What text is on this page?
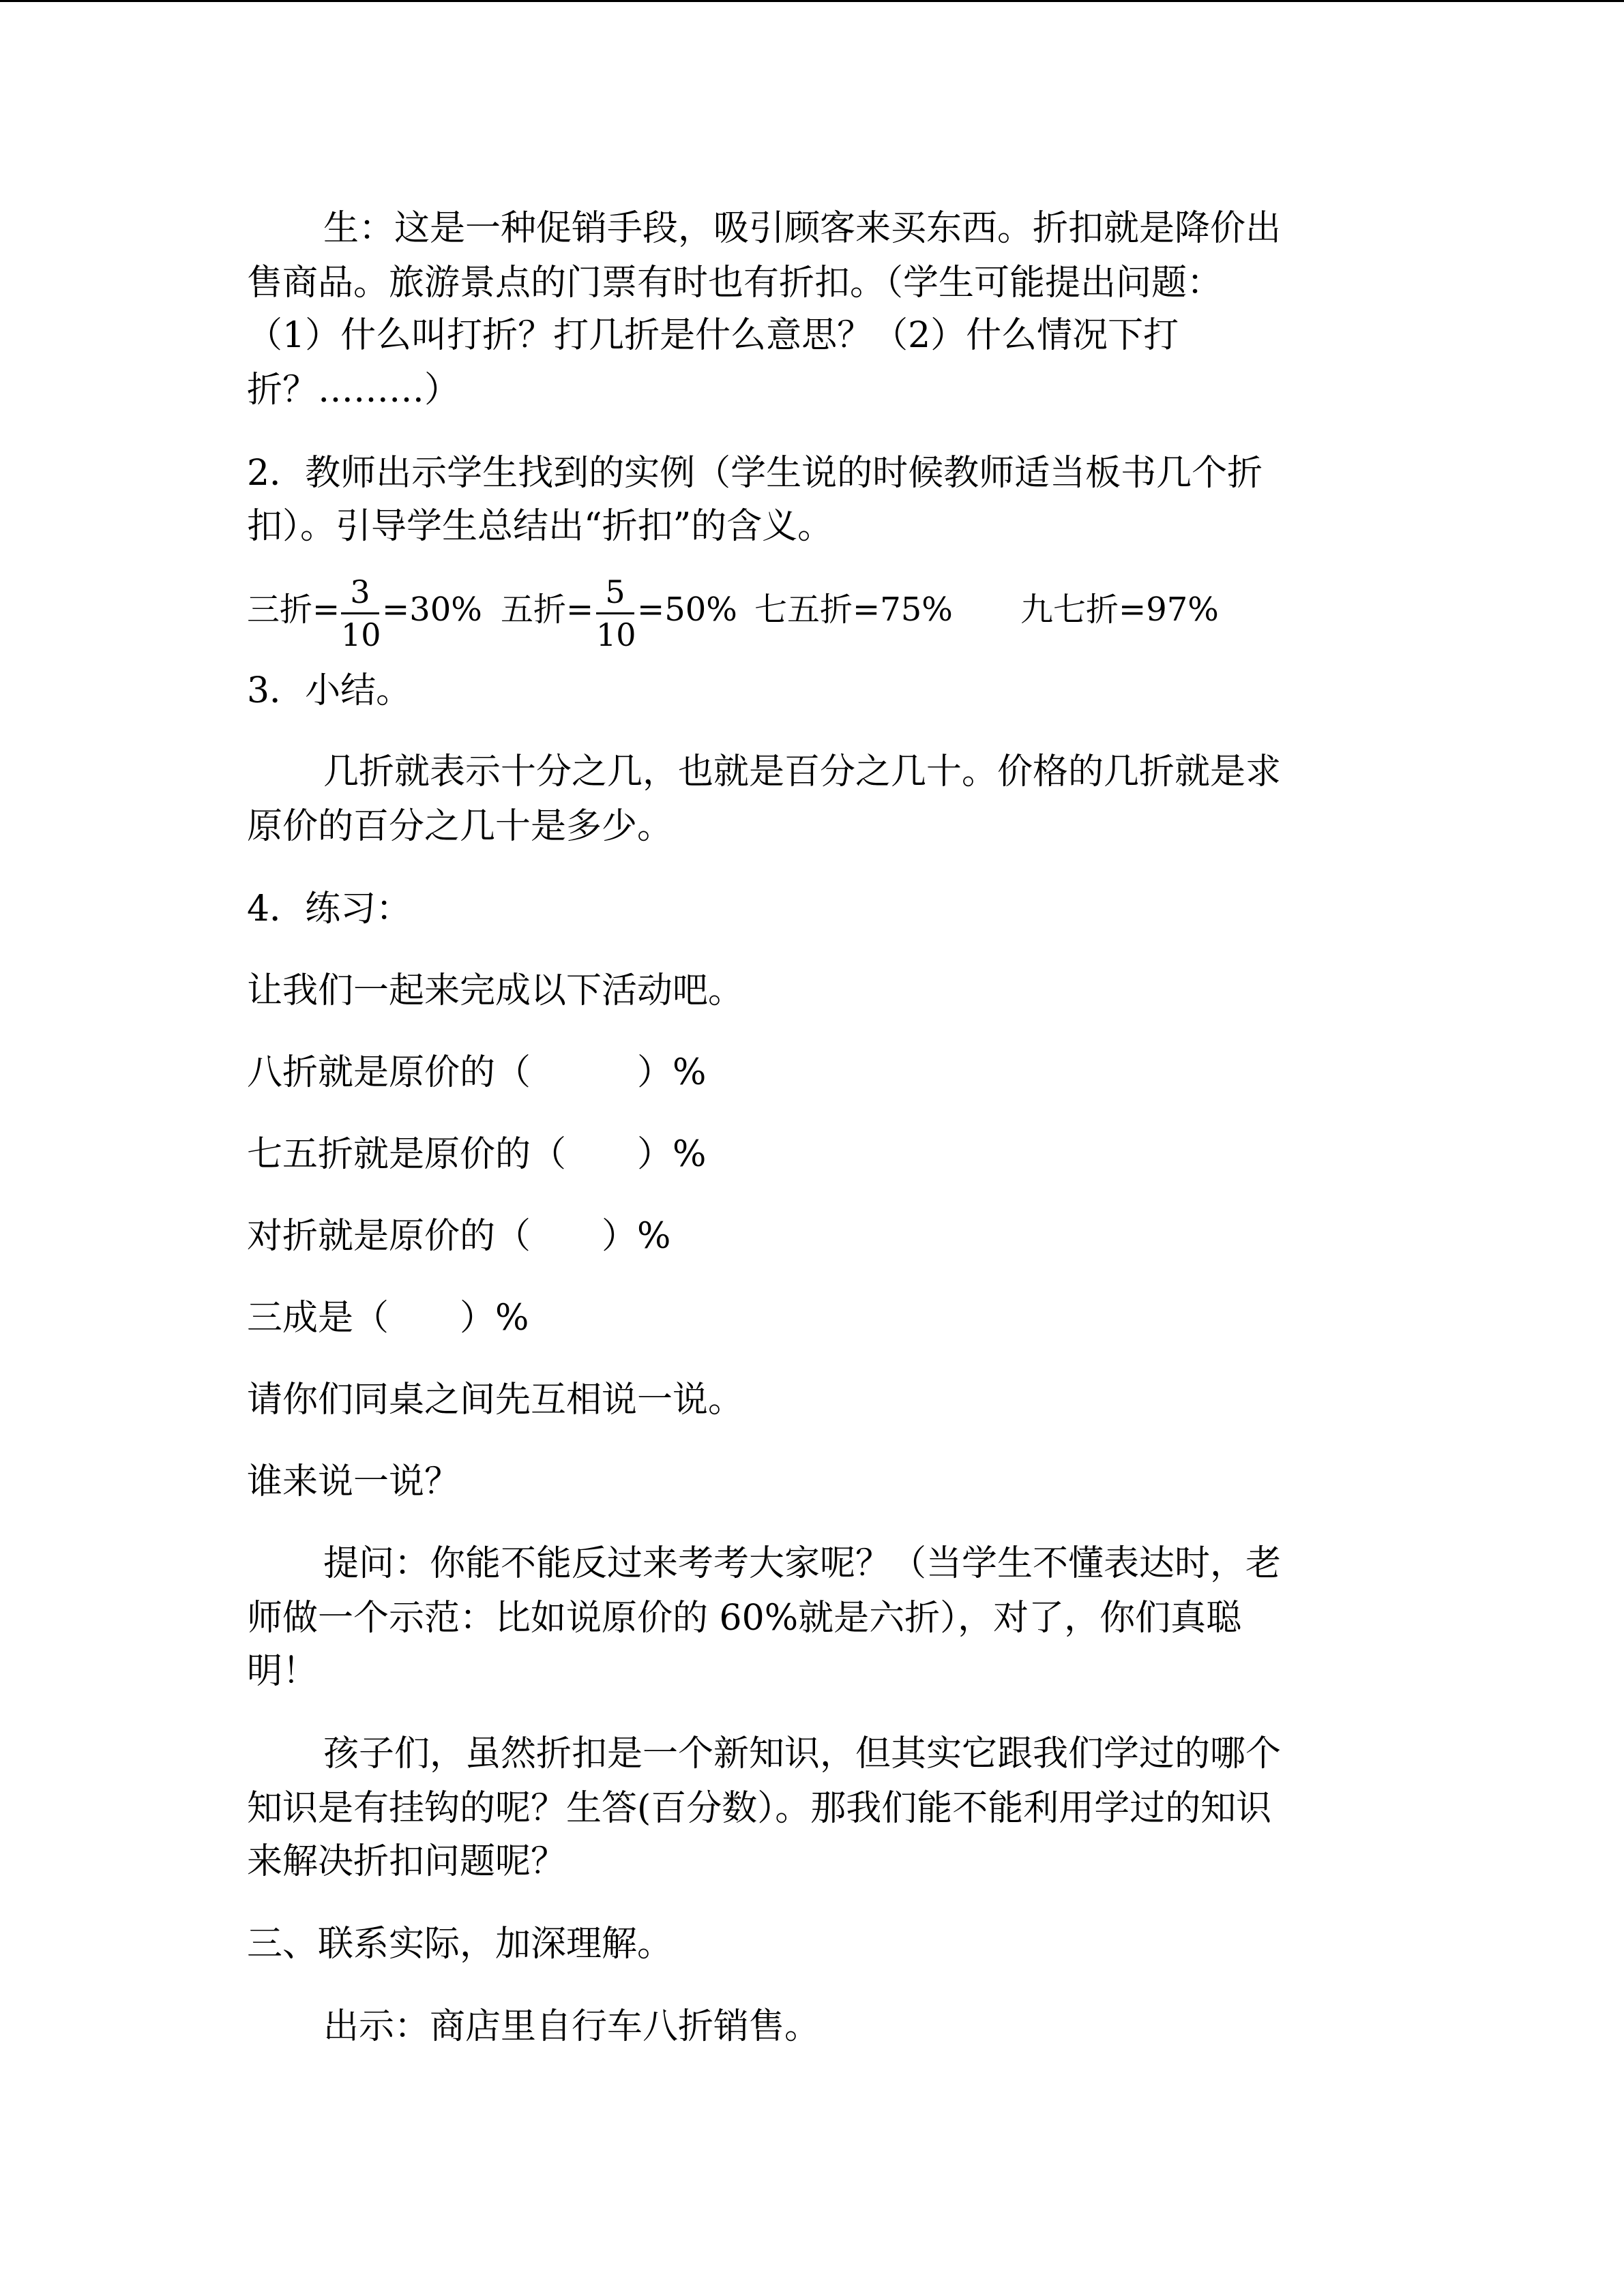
生：这是一种促销手段，吸引顾客来买东西。折扣就是降价出

售商品。旅游景点的门票有时也有折扣。（学生可能提出问题：

（1）什么叫打折？打几折是什么意思？（2）什么情况下打

折？………）

2．教师出示学生找到的实例（学生说的时候教师适当板书几个折

扣）。引导学生总结出“折扣”的含义。

三折= 3
10
=30% 五折= 5
10
=50% 七五折=75% 九七折=97%

3．小结。

几折就表示十分之几，也就是百分之几十。价格的几折就是求

原价的百分之几十是多少。

4．练习：

让我们一起来完成以下活动吧。

八折就是原价的（　　　）%

七五折就是原价的（　　）%

对折就是原价的（　　）%

三成是（　　）%

请你们同桌之间先互相说一说。

谁来说一说？

提问：你能不能反过来考考大家呢？（当学生不懂表达时，老

师做一个示范：比如说原价的 60%就是六折），对了，你们真聪

明！

孩子们，虽然折扣是一个新知识，但其实它跟我们学过的哪个

知识是有挂钩的呢？生答(百分数）。那我们能不能利用学过的知识

来解决折扣问题呢？

三、联系实际，加深理解。

出示：商店里自行车八折销售。
